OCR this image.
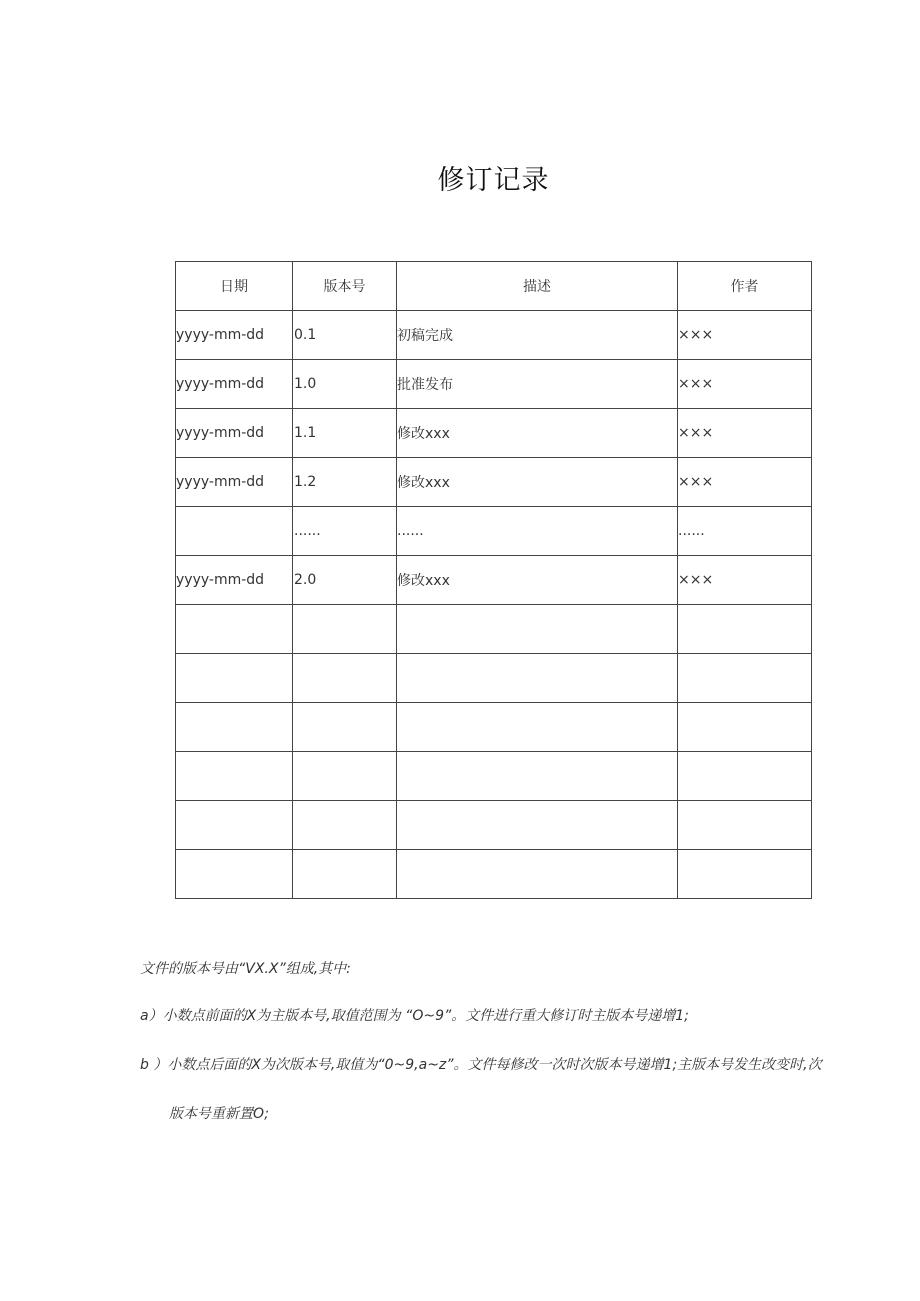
修订记录
日期	版本号	描述	作者
yyyy-mm-dd	0.1	初稿完成	×××
yyyy-mm-dd	1.0	批准发布	×××
yyyy-mm-dd	1.1	修改xxx	×××
yyyy-mm-dd	1.2	修改xxx	×××
	......	......	......
yyyy-mm-dd	2.0	修改xxx	×××

文件的版本号由“VX.X”组成,其中:
a）小数点前面的X为主版本号,取值范围为 “O~9”。文件进行重大修订时主版本号递增1;
b ）小数点后面的X为次版本号,取值为“0~9,a~z”。文件每修改一次时次版本号递增1;主版本号发生改变时,次
版本号重新置O;
